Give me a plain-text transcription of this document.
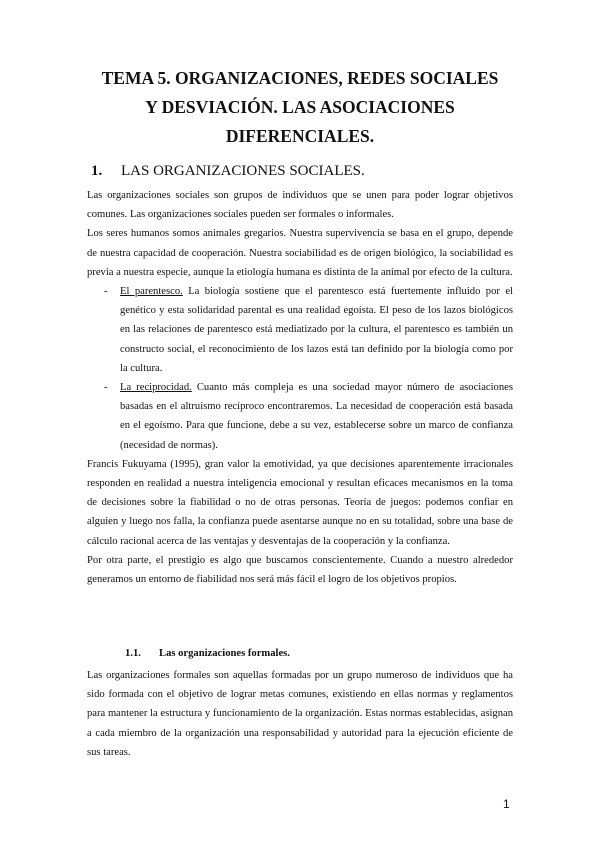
TEMA 5. ORGANIZACIONES, REDES SOCIALES
Y DESVIACIÓN. LAS ASOCIACIONES
DIFERENCIALES.
1. LAS ORGANIZACIONES SOCIALES.

Las organizaciones sociales son grupos de individuos que se unen para poder lograr objetivos comunes. Las organizaciones sociales pueden ser formales o informales.

Los seres humanos somos animales gregarios. Nuestra supervivencia se basa en el grupo, depende de nuestra capacidad de cooperación. Nuestra sociabilidad es de origen biológico, la sociabilidad es previa a nuestra especie, aunque la etiología humana es distinta de la animal por efecto de la cultura.

- El parentesco. La biología sostiene que el parentesco está fuertemente influido por el genético y esta solidaridad parental es una realidad egoísta. El peso de los lazos biológicos en las relaciones de parentesco está mediatizado por la cultura, el parentesco es también un constructo social, el reconocimiento de los lazos está tan definido por la biología como por la cultura.
- La reciprocidad. Cuanto más compleja es una sociedad mayor número de asociaciones basadas en el altruismo recíproco encontraremos. La necesidad de cooperación está basada en el egoísmo. Para que funcione, debe a su vez, establecerse sobre un marco de confianza (necesidad de normas).

Francis Fukuyama (1995), gran valor la emotividad, ya que decisiones aparentemente irracionales responden en realidad a nuestra inteligencia emocional y resultan eficaces mecanismos en la toma de decisiones sobre la fiabilidad o no de otras personas. Teoría de juegos: podemos confiar en alguien y luego nos falla, la confianza puede asentarse aunque no en su totalidad, sobre una base de cálculo racional acerca de las ventajas y desventajas de la cooperación y la confianza.

Por otra parte, el prestigio es algo que buscamos conscientemente. Cuando a nuestro alrededor generamos un entorno de fiabilidad nos será más fácil el logro de los objetivos propios.

1.1. Las organizaciones formales.

Las organizaciones formales son aquellas formadas por un grupo numeroso de individuos que ha sido formada con el objetivo de lograr metas comunes, existiendo en ellas normas y reglamentos para mantener la estructura y funcionamiento de la organización. Estas normas establecidas, asignan a cada miembro de la organización una responsabilidad y autoridad para la ejecución eficiente de sus tareas.

1
